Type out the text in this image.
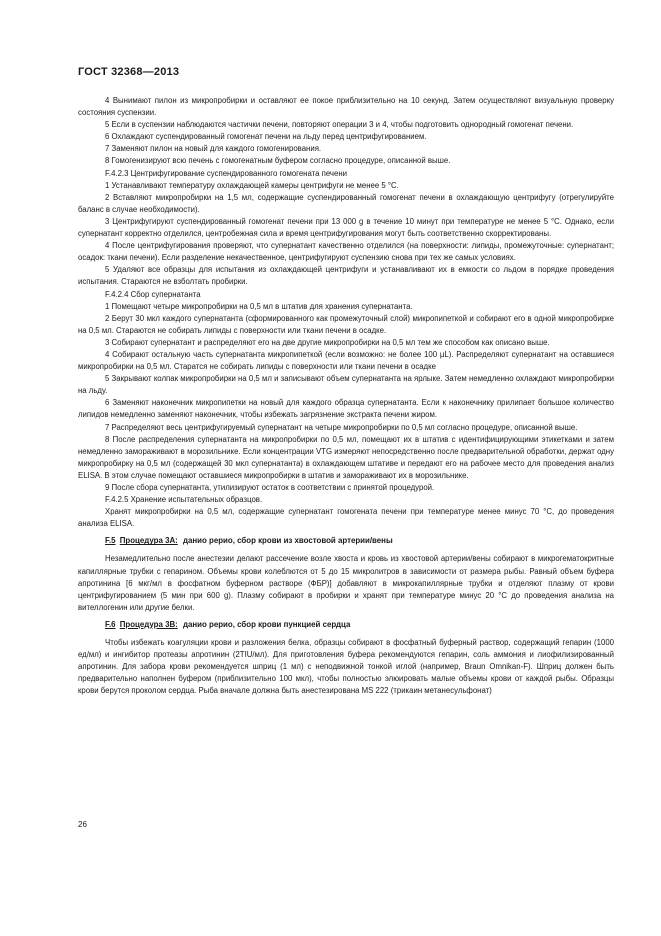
ГОСТ 32368—2013

4 Вынимают пилон из микропробирки и оставляют ее покое приблизительно на 10 секунд. Затем осуществляют визуальную проверку состояния суспензии.

5 Если в суспензии наблюдаются частички печени, повторяют операции 3 и 4, чтобы подготовить однородный гомогенат печени.

6 Охлаждают суспендированный гомогенат печени на льду перед центрифугированием.

7 Заменяют пилон на новый для каждого гомогенирования.

8 Гомогенизируют всю печень с гомогенатным буфером согласно процедуре, описанной выше.

F.4.2.3 Центрифугирование суспендированного гомогената печени

1 Устанавливают температуру охлаждающей камеры центрифуги не менее 5 °C.

2 Вставляют микропробирки на 1,5 мл, содержащие суспендированный гомогенат печени в охлаждающую центрифугу (отрегулируйте баланс в случае необходимости).

3 Центрифугируют суспендированный гомогенат печени при 13 000 g в течение 10 минут при температуре не менее 5 °C. Однако, если супернатант корректно отделился, центробежная сила и время центрифугирования могут быть соответственно скорректированы.

4 После центрифугирования проверяют, что супернатант качественно отделился (на поверхности: липиды, промежуточные: супернатант; осадок: ткани печени). Если разделение некачественное, центрифугируют суспензию снова при тех же самых условиях.

5 Удаляют все образцы для испытания из охлаждающей центрифуги и устанавливают их в емкости со льдом в порядке проведения испытания. Стараются не взболтать пробирки.

F.4.2.4 Сбор супернатанта

1 Помещают четыре микропробирки на 0,5 мл в штатив для хранения супернатанта.

2 Берут 30 мкл каждого супернатанта (сформированного как промежуточный слой) микропипеткой и собирают его в одной микропробирке на 0,5 мл. Стараются не собирать липиды с поверхности или ткани печени в осадке.

3 Собирают супернатант и распределяют его на две другие микропробирки на 0,5 мл тем же способом как описано выше.

4 Собирают остальную часть супернатанта микропипеткой (если возможно: не более 100 µL). Распределяют супернатант на оставшиеся микропробирки на 0,5 мл. Старатся не собирать липиды с поверхности или ткани печени в осадке

5 Закрывают колпак микропробирки на 0,5 мл и записывают объем супернатанта на ярлыке. Затем немедленно охлаждают микропробирки на льду.

6 Заменяют наконечник микропипетки на новый для каждого образца супернатанта. Если к наконечнику прилипает большое количество липидов немедленно заменяют наконечник, чтобы избежать загрязнение экстракта печени жиром.

7 Распределяют весь центрифугируемый супернатант на четыре микропробирки по 0,5 мл согласно процедуре, описанной выше.

8 После распределения супернатанта на микропробирки по 0,5 мл, помещают их в штатив с идентифицирующими этикетками и затем немедленно замораживают в морозильнике. Если концентрации VTG измеряют непосредственно после предварительной обработки, держат одну микропробирку на 0,5 мл (содержащей 30 мкл супернатанта) в охлаждающем штативе и передают его на рабочее место для проведения анализ ELISA. В этом случае помещают оставшиеся микропробирки в штатив и замораживают их в морозильнике.

9 После сбора супернатанта, утилизируют остаток в соответствии с принятой процедурой.

F.4.2.5 Хранение испытательных образцов.

Хранят микропробирки на 0,5 мл, содержащие супернатант гомогената печени при температуре менее минус 70 °C, до проведения анализа ELISA.

F.5 Процедура 3А: данио рерио, сбор крови из хвостовой артерии/вены

Незамедлительно после анестезии делают рассечение возле хвоста и кровь из хвостовой артерии/вены собирают в микрогематокритные капиллярные трубки с гепарином. Объемы крови колеблются от 5 до 15 микролитров в зависимости от размера рыбы. Равный объем буфера апротинина [6 мкг/мл в фосфатном буферном растворе (ФБР)] добавляют в микрокапиллярные трубки и отделяют плазму от крови центрифугированием (5 мин при 600 g). Плазму собирают в пробирки и хранят при температуре минус 20 °C до проведения анализа на вителлогенин или другие белки.

F.6 Процедура 3В: данио рерио, сбор крови пункцией сердца

Чтобы избежать коагуляции крови и разложения белка, образцы собирают в фосфатный буферный раствор, содержащий гепарин (1000 ед/мл) и ингибитор протеазы апротинин (2TIU/мл). Для приготовления буфера рекомендуются гепарин, соль аммония и лиофилизированный апротинин. Для забора крови рекомендуется шприц (1 мл) с неподвижной тонкой иглой (например, Braun Omnikan-F). Шприц должен быть предварительно наполнен буфером (приблизительно 100 мкл), чтобы полностью элюировать малые объемы крови от каждой рыбы. Образцы крови берутся проколом сердца. Рыба вначале должна быть анестезирована MS 222 (трикаин метанесульфонат)

26
